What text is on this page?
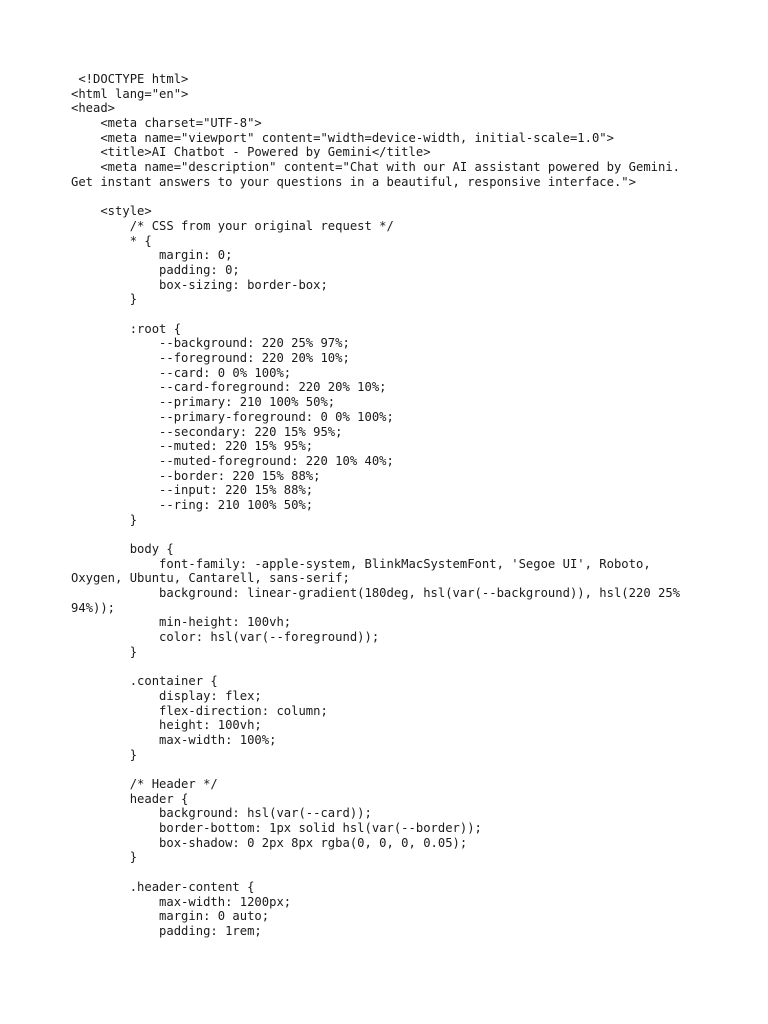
<!DOCTYPE html>
<html lang="en">
<head>
<meta charset="UTF-8">
<meta name="viewport" content="width=device-width, initial-scale=1.0">
<title>AI Chatbot - Powered by Gemini</title>
<meta name="description" content="Chat with our AI assistant powered by Gemini.
Get instant answers to your questions in a beautiful, responsive interface.">
<style>
/* CSS from your original request */
* {
margin: 0;
padding: 0;
box-sizing: border-box;
}
:root {
--background: 220 25% 97%;
--foreground: 220 20% 10%;
--card: 0 0% 100%;
--card-foreground: 220 20% 10%;
--primary: 210 100% 50%;
--primary-foreground: 0 0% 100%;
--secondary: 220 15% 95%;
--muted: 220 15% 95%;
--muted-foreground: 220 10% 40%;
--border: 220 15% 88%;
--input: 220 15% 88%;
--ring: 210 100% 50%;
}
body {
font-family: -apple-system, BlinkMacSystemFont, 'Segoe UI', Roboto,
Oxygen, Ubuntu, Cantarell, sans-serif;
background: linear-gradient(180deg, hsl(var(--background)), hsl(220 25%
94%));
min-height: 100vh;
color: hsl(var(--foreground));
}
.container {
display: flex;
flex-direction: column;
height: 100vh;
max-width: 100%;
}
/* Header */
header {
background: hsl(var(--card));
border-bottom: 1px solid hsl(var(--border));
box-shadow: 0 2px 8px rgba(0, 0, 0, 0.05);
}
.header-content {
max-width: 1200px;
margin: 0 auto;
padding: 1rem;
